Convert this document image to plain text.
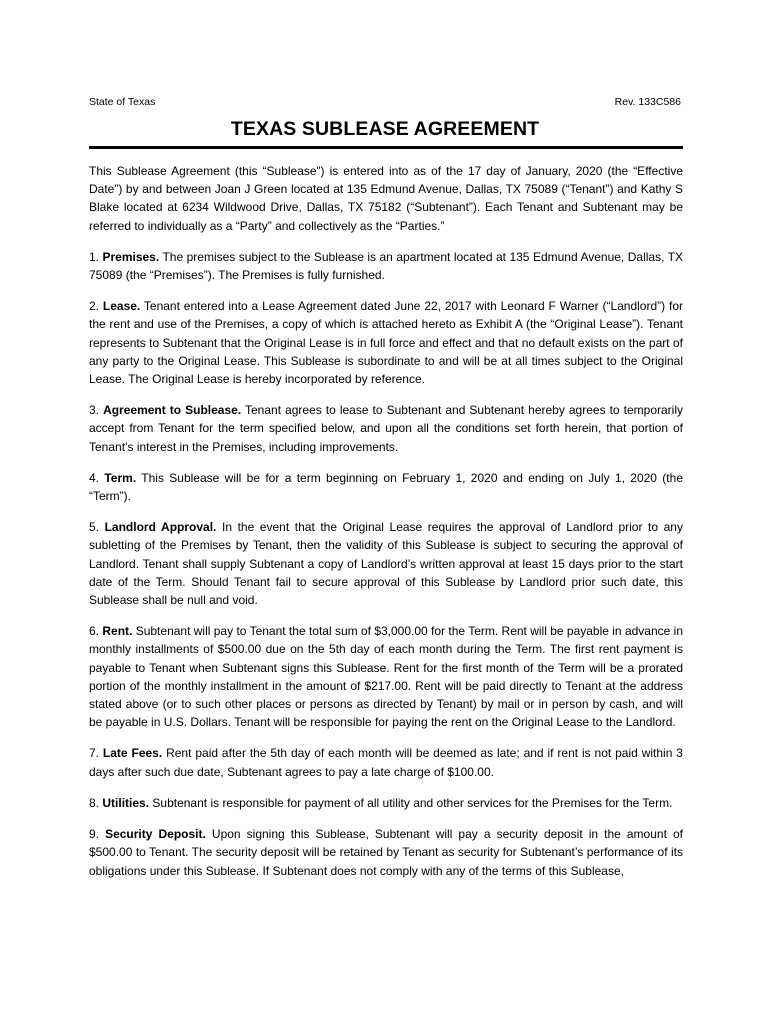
State of Texas	Rev. 133C586
TEXAS SUBLEASE AGREEMENT

This Sublease Agreement (this “Sublease”) is entered into as of the 17 day of January, 2020 (the “Effective Date”) by and between Joan J Green located at 135 Edmund Avenue, Dallas, TX 75089 (“Tenant”) and Kathy S Blake located at 6234 Wildwood Drive, Dallas, TX 75182 (“Subtenant”). Each Tenant and Subtenant may be referred to individually as a “Party” and collectively as the “Parties.”

1. Premises. The premises subject to the Sublease is an apartment located at 135 Edmund Avenue, Dallas, TX 75089 (the “Premises”). The Premises is fully furnished.

2. Lease. Tenant entered into a Lease Agreement dated June 22, 2017 with Leonard F Warner (“Landlord”) for the rent and use of the Premises, a copy of which is attached hereto as Exhibit A (the “Original Lease”). Tenant represents to Subtenant that the Original Lease is in full force and effect and that no default exists on the part of any party to the Original Lease. This Sublease is subordinate to and will be at all times subject to the Original Lease. The Original Lease is hereby incorporated by reference.

3. Agreement to Sublease. Tenant agrees to lease to Subtenant and Subtenant hereby agrees to temporarily accept from Tenant for the term specified below, and upon all the conditions set forth herein, that portion of Tenant’s interest in the Premises, including improvements.

4. Term. This Sublease will be for a term beginning on February 1, 2020 and ending on July 1, 2020 (the “Term”).

5. Landlord Approval. In the event that the Original Lease requires the approval of Landlord prior to any subletting of the Premises by Tenant, then the validity of this Sublease is subject to securing the approval of Landlord. Tenant shall supply Subtenant a copy of Landlord’s written approval at least 15 days prior to the start date of the Term. Should Tenant fail to secure approval of this Sublease by Landlord prior such date, this Sublease shall be null and void.

6. Rent. Subtenant will pay to Tenant the total sum of $3,000.00 for the Term. Rent will be payable in advance in monthly installments of $500.00 due on the 5th day of each month during the Term. The first rent payment is payable to Tenant when Subtenant signs this Sublease. Rent for the first month of the Term will be a prorated portion of the monthly installment in the amount of $217.00. Rent will be paid directly to Tenant at the address stated above (or to such other places or persons as directed by Tenant) by mail or in person by cash, and will be payable in U.S. Dollars. Tenant will be responsible for paying the rent on the Original Lease to the Landlord.

7. Late Fees. Rent paid after the 5th day of each month will be deemed as late; and if rent is not paid within 3 days after such due date, Subtenant agrees to pay a late charge of $100.00.

8. Utilities. Subtenant is responsible for payment of all utility and other services for the Premises for the Term.

9. Security Deposit. Upon signing this Sublease, Subtenant will pay a security deposit in the amount of $500.00 to Tenant. The security deposit will be retained by Tenant as security for Subtenant’s performance of its obligations under this Sublease. If Subtenant does not comply with any of the terms of this Sublease,
